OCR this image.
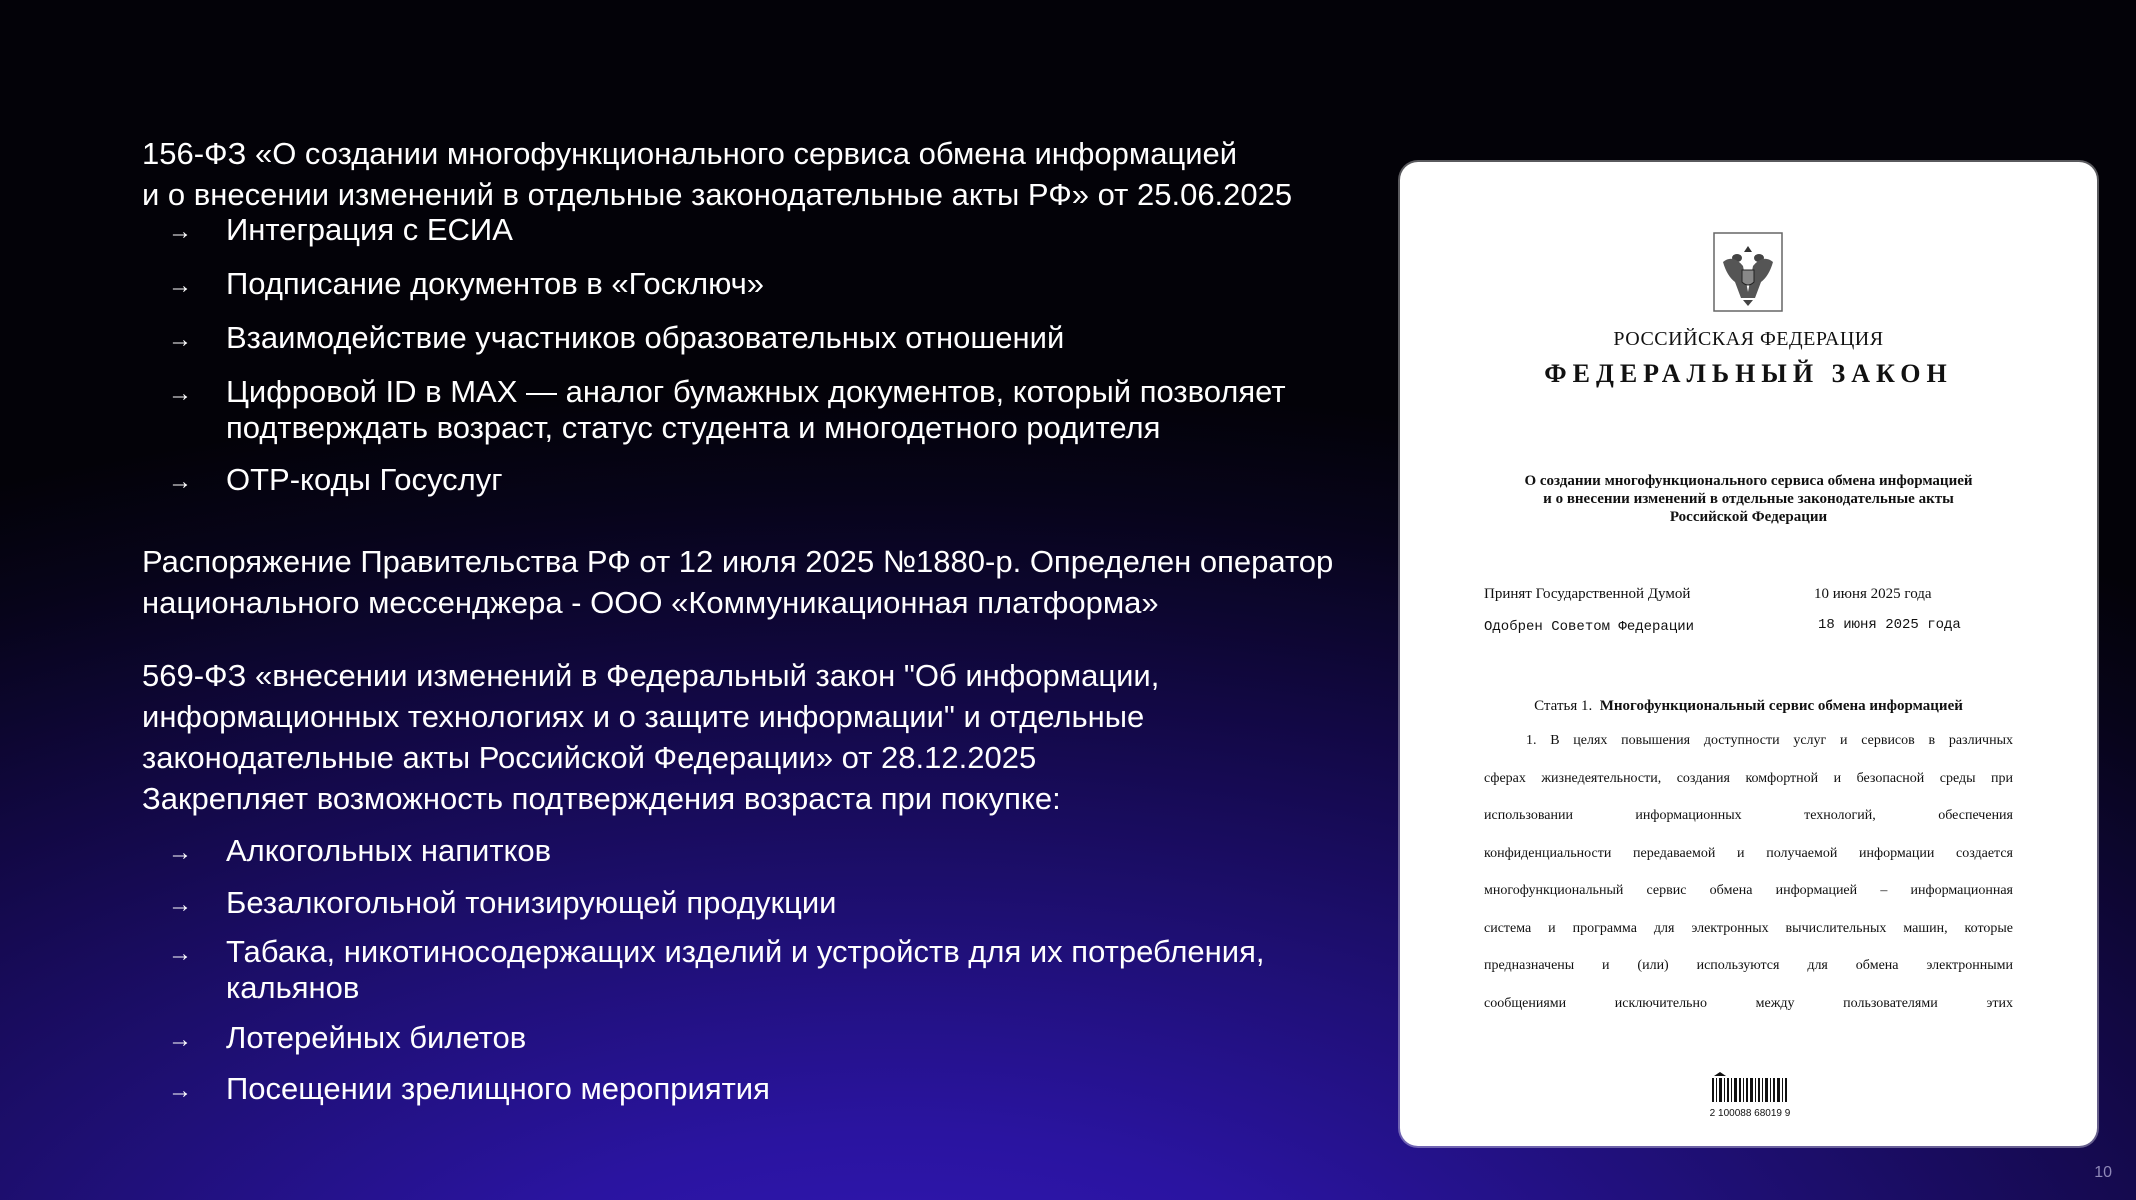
156-ФЗ «О создании многофункционального сервиса обмена информацией
и о внесении изменений в отдельные законодательные акты РФ» от 25.06.2025
→ Интеграция с ЕСИА
→ Подписание документов в «Госключ»
→ Взаимодействие участников образовательных отношений
→ Цифровой ID в MAX — аналог бумажных документов, который позволяет
подтверждать возраст, статус студента и многодетного родителя
→ OTP-коды Госуслуг
Распоряжение Правительства РФ от 12 июля 2025 №1880-р. Определен оператор
национального мессенджера - ООО «Коммуникационная платформа»
569-ФЗ «внесении изменений в Федеральный закон "Об информации,
информационных технологиях и о защите информации" и отдельные
законодательные акты Российской Федерации» от 28.12.2025
Закрепляет возможность подтверждения возраста при покупке:
→ Алкогольных напитков
→ Безалкогольной тонизирующей продукции
→ Табака, никотиносодержащих изделий и устройств для их потребления,
кальянов
→ Лотерейных билетов
→ Посещении зрелищного мероприятия
РОССИЙСКАЯ ФЕДЕРАЦИЯ
ФЕДЕРАЛЬНЫЙ ЗАКОН
О создании многофункционального сервиса обмена информацией
и о внесении изменений в отдельные законодательные акты
Российской Федерации
Принят Государственной Думой	10 июня 2025 года
Одобрен Советом Федерации	18 июня 2025 года
Статья 1. Многофункциональный сервис обмена информацией
1. В целях повышения доступности услуг и сервисов в различных
сферах жизнедеятельности, создания комфортной и безопасной среды при
использовании информационных технологий, обеспечения
конфиденциальности передаваемой и получаемой информации создается
многофункциональный сервис обмена информацией – информационная
система и программа для электронных вычислительных машин, которые
предназначены и (или) используются для обмена электронными
сообщениями исключительно между пользователями этих
2 100088 68019 9
10
